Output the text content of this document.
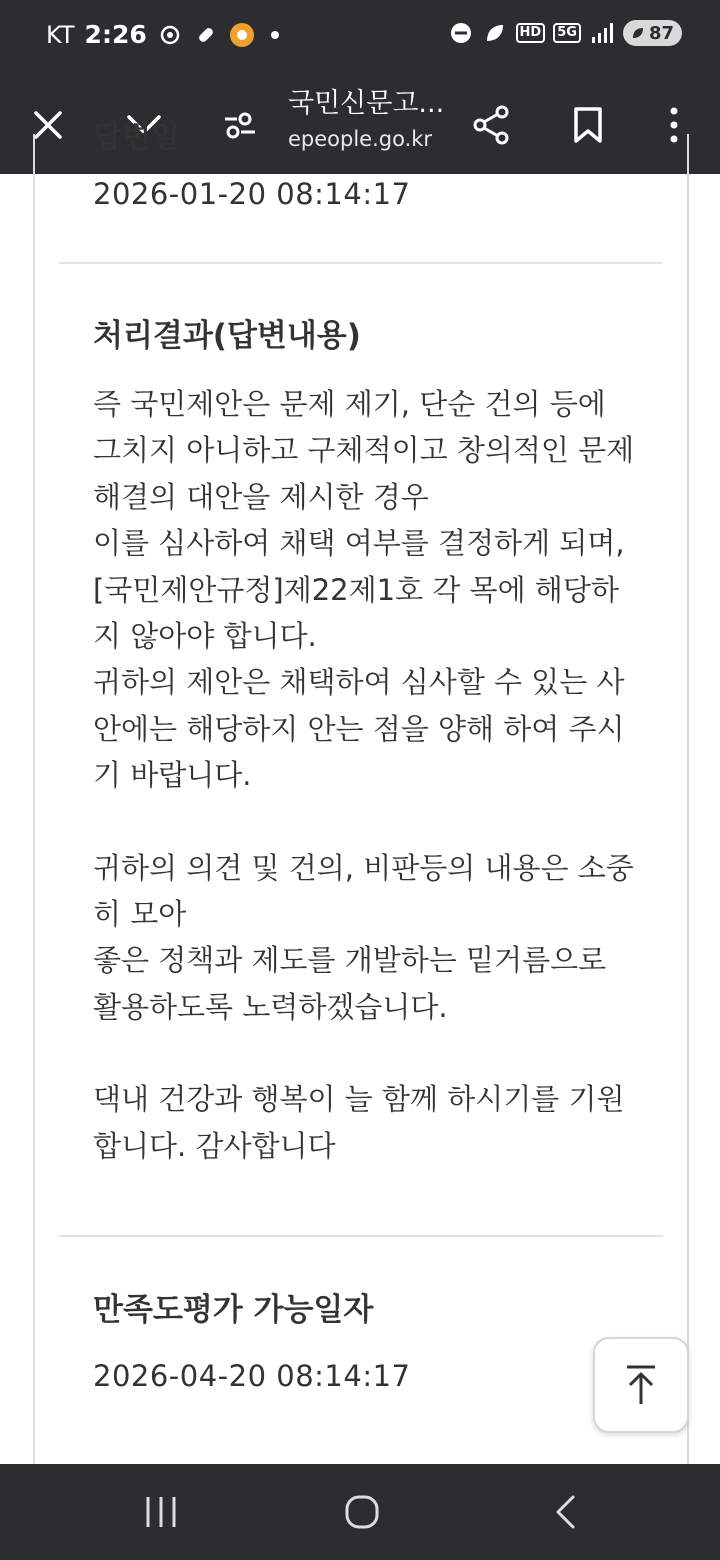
KT 2:26	HD	5G	87
국민신문고...
epeople.go.kr
답변일
2026-01-20 08:14:17
처리결과(답변내용)

즉 국민제안은 문제 제기, 단순 건의 등에

그치지 아니하고 구체적이고 창의적인 문제

해결의 대안을 제시한 경우

이를 심사하여 채택 여부를 결정하게 되며,

[국민제안규정]제22제1호 각 목에 해당하

지 않아야 합니다.

귀하의 제안은 채택하여 심사할 수 있는 사

안에는 해당하지 안는 점을 양해 하여 주시

기 바랍니다.

귀하의 의견 및 건의, 비판등의 내용은 소중

히 모아

좋은 정책과 제도를 개발하는 밑거름으로

활용하도록 노력하겠습니다.

댁내 건강과 행복이 늘 함께 하시기를 기원

합니다. 감사합니다

만족도평가 가능일자
2026-04-20 08:14:17
